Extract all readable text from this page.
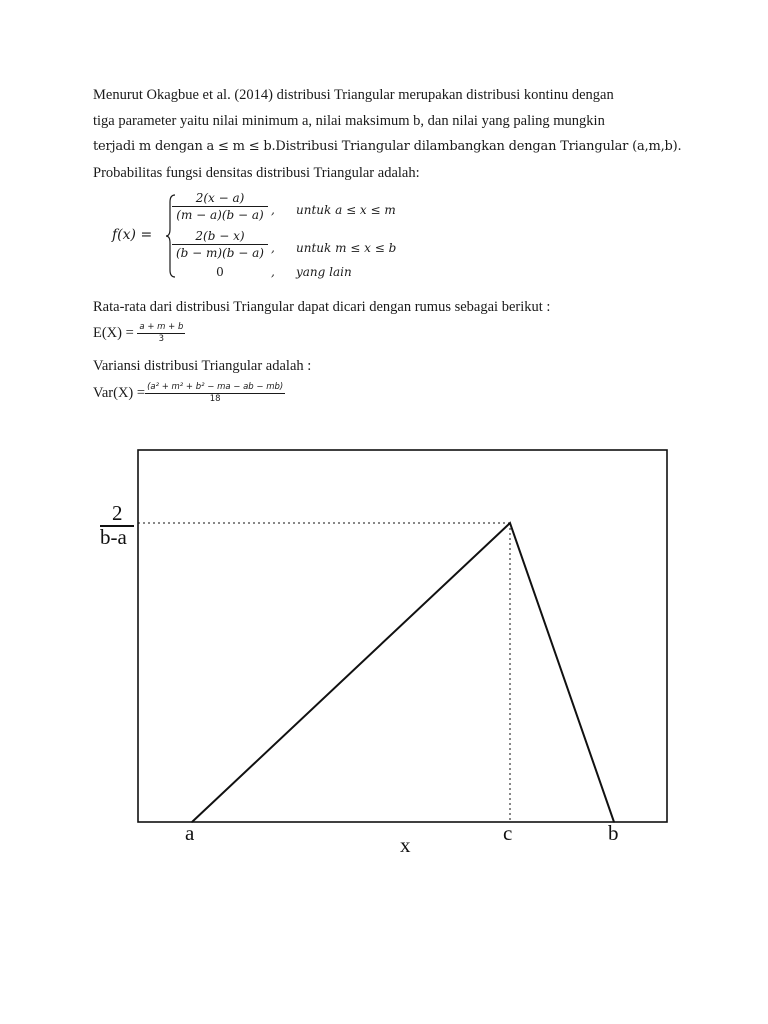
Menurut Okagbue et al. (2014) distribusi Triangular merupakan distribusi kontinu dengan
tiga parameter yaitu nilai minimum a, nilai maksimum b, dan nilai yang paling mungkin
terjadi m dengan a ≤ m ≤ b.Distribusi Triangular dilambangkan dengan Triangular (a,m,b).
Probabilitas fungsi densitas distribusi Triangular adalah:
f(x) =
$\frac{2(x - a)}{(m - a)(b - a)}$ , untuk a ≤ x ≤ m
$\frac{2(b - x)}{(b - m)(b - a)}$ , untuk m ≤ x ≤ b
0	, yang lain
Rata-rata dari distribusi Triangular dapat dicari dengan rumus sebagai berikut :
$E(X) = \frac{a + m + b}{3}$
Variansi distribusi Triangular adalah :
$Var(X) = \frac{\text{(a² + m² + b² − ma − ab − mb)}}{18}$
2
b-a
a	c	b
x
